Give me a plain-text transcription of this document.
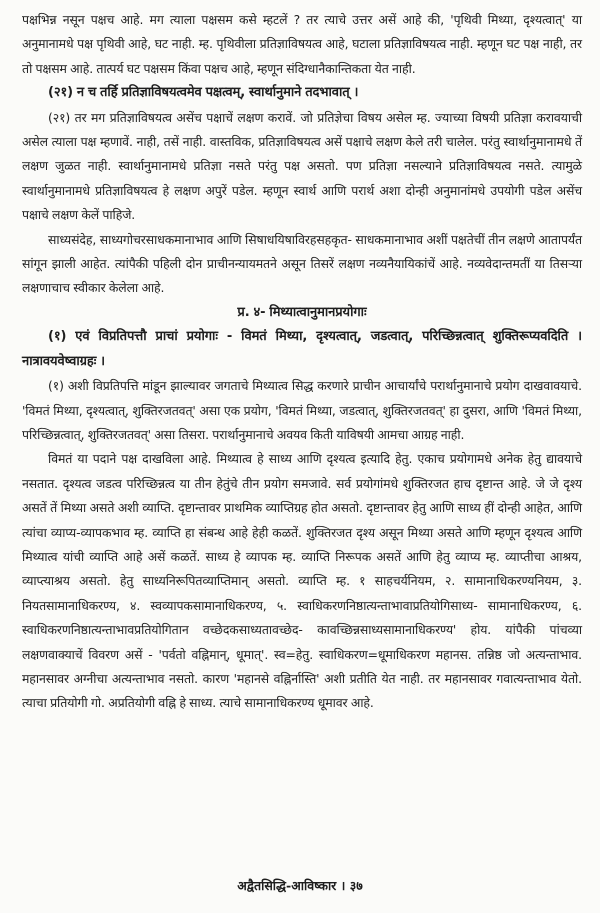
पक्षभिन्न नसून पक्षच आहे. मग त्याला पक्षसम कसे म्हटलें ? तर त्याचे उत्तर असें आहे की, 'पृथिवी मिथ्या, दृश्यत्वात्' या अनुमानामधे पक्ष पृथिवी आहे, घट नाही. म्ह. पृथिवीला प्रतिज्ञाविषयत्व आहे, घटाला प्रतिज्ञाविषयत्व नाही. म्हणून घट पक्ष नाही, तर तो पक्षसम आहे. तात्पर्य घट पक्षसम किंवा पक्षच आहे, म्हणून संदिग्धानैकान्तिकता येत नाही.

(२१) न च तर्हि प्रतिज्ञाविषयत्वमेव पक्षत्वम्, स्वार्थानुमाने तदभावात् ।

(२१) तर मग प्रतिज्ञाविषयत्व असेंच पक्षाचें लक्षण करावें. जो प्रतिज्ञेचा विषय असेल म्ह. ज्याच्या विषयी प्रतिज्ञा करावयाची असेल त्याला पक्ष म्हणावें. नाही, तसें नाही. वास्तविक, प्रतिज्ञाविषयत्व असें पक्षाचे लक्षण केले तरी चालेल. परंतु स्वार्थानुमानामधे तें लक्षण जुळत नाही. स्वार्थानुमानामधे प्रतिज्ञा नसते परंतु पक्ष असतो. पण प्रतिज्ञा नसल्याने प्रतिज्ञाविषयत्व नसते. त्यामुळे स्वार्थानुमानामधे प्रतिज्ञाविषयत्व हे लक्षण अपुरें पडेल. म्हणून स्वार्थ आणि परार्थ अशा दोन्ही अनुमानांमधे उपयोगी पडेल असेंच पक्षाचे लक्षण केलें पाहिजे.

साध्यसंदेह, साध्यगोचरसाधकमानाभाव आणि सिषाधयिषाविरहसहकृत- साधकमानाभाव अशीं पक्षतेचीं तीन लक्षणे आतापर्यंत सांगून झाली आहेत. त्यांपैकी पहिली दोन प्राचीनन्यायमतने असून तिसरें लक्षण नव्यनैयायिकांचें आहे. नव्यवेदान्तमतीं या तिसऱ्या लक्षणाचाच स्वीकार केलेला आहे.

प्र. ४- मिथ्यात्वानुमानप्रयोगाः

(१) एवं विप्रतिपत्तौ प्राचां प्रयोगाः - विमतं मिथ्या, दृश्यत्वात्, जडत्वात्, परिच्छिन्नत्वात् शुक्तिरूप्यवदिति । नात्रावयवेष्वाग्रहः ।

(१) अशी विप्रतिपत्ति मांडून झाल्यावर जगताचे मिथ्यात्व सिद्ध करणारे प्राचीन आचार्यांचे परार्थानुमानाचे प्रयोग दाखवावयाचे. 'विमतं मिथ्या, दृश्यत्वात्, शुक्तिरजतवत्' असा एक प्रयोग, 'विमतं मिथ्या, जडत्वात्, शुक्तिरजतवत्' हा दुसरा, आणि 'विमतं मिथ्या, परिच्छिन्नत्वात्, शुक्तिरजतवत्' असा तिसरा. परार्थानुमानाचे अवयव किती याविषयी आमचा आग्रह नाही.

विमतं या पदाने पक्ष दाखविला आहे. मिथ्यात्व हे साध्य आणि दृश्यत्व इत्यादि हेतु. एकाच प्रयोगामधे अनेक हेतु द्यावयाचे नसतात. दृश्यत्व जडत्व परिच्छिन्नत्व या तीन हेतुंचे तीन प्रयोग समजावे. सर्व प्रयोगांमधे शुक्तिरजत हाच दृष्टान्त आहे. जे जे दृश्य असतें तें मिथ्या असते अशी व्याप्ति. दृष्टान्तावर प्राथमिक व्याप्तिग्रह होत असतो. दृष्टान्तावर हेतु आणि साध्य हीं दोन्ही आहेत, आणि त्यांचा व्याप्य-व्यापकभाव म्ह. व्याप्ति हा संबन्ध आहे हेही कळतें. शुक्तिरजत दृश्य असून मिथ्या असते आणि म्हणून दृश्यत्व आणि मिथ्यात्व यांची व्याप्ति आहे असें कळतें. साध्य हे व्यापक म्ह. व्याप्ति निरूपक असतें आणि हेतु व्याप्य म्ह. व्याप्तीचा आश्रय, व्याप्त्याश्रय असतो. हेतु साध्यनिरूपितव्याप्तिमान् असतो. व्याप्ति म्ह. १ साहचर्यनियम, २. सामानाधिकरण्यनियम, ३. नियतसामानाधिकरण्य, ४. स्वव्यापकसामानाधिकरण्य, ५. स्वाधिकरणनिष्ठात्यन्ताभावाप्रतियोगिसाध्य- सामानाधिकरण्य, ६. स्वाधिकरणनिष्ठात्यन्ताभावप्रतियोगितान वच्छेदकसाध्यतावच्छेद- कावच्छिन्नसाध्यसामानाधिकरण्य' होय. यांपैकी पांचव्या लक्षणवाक्याचें विवरण असें - 'पर्वतो वह्निमान्, धूमात्'. स्व=हेतु. स्वाधिकरण=धूमाधिकरण महानस. तन्निष्ठ जो अत्यन्ताभाव. महानसावर अग्नीचा अत्यन्ताभाव नसतो. कारण 'महानसे वह्निर्नास्ति' अशी प्रतीति येत नाही. तर महानसावर गवात्यन्ताभाव येतो. त्याचा प्रतियोगी गो. अप्रतियोगी वह्नि हे साध्य. त्याचे सामानाधिकरण्य धूमावर आहे.

अद्वैतसिद्धि-आविष्कार । ३७
